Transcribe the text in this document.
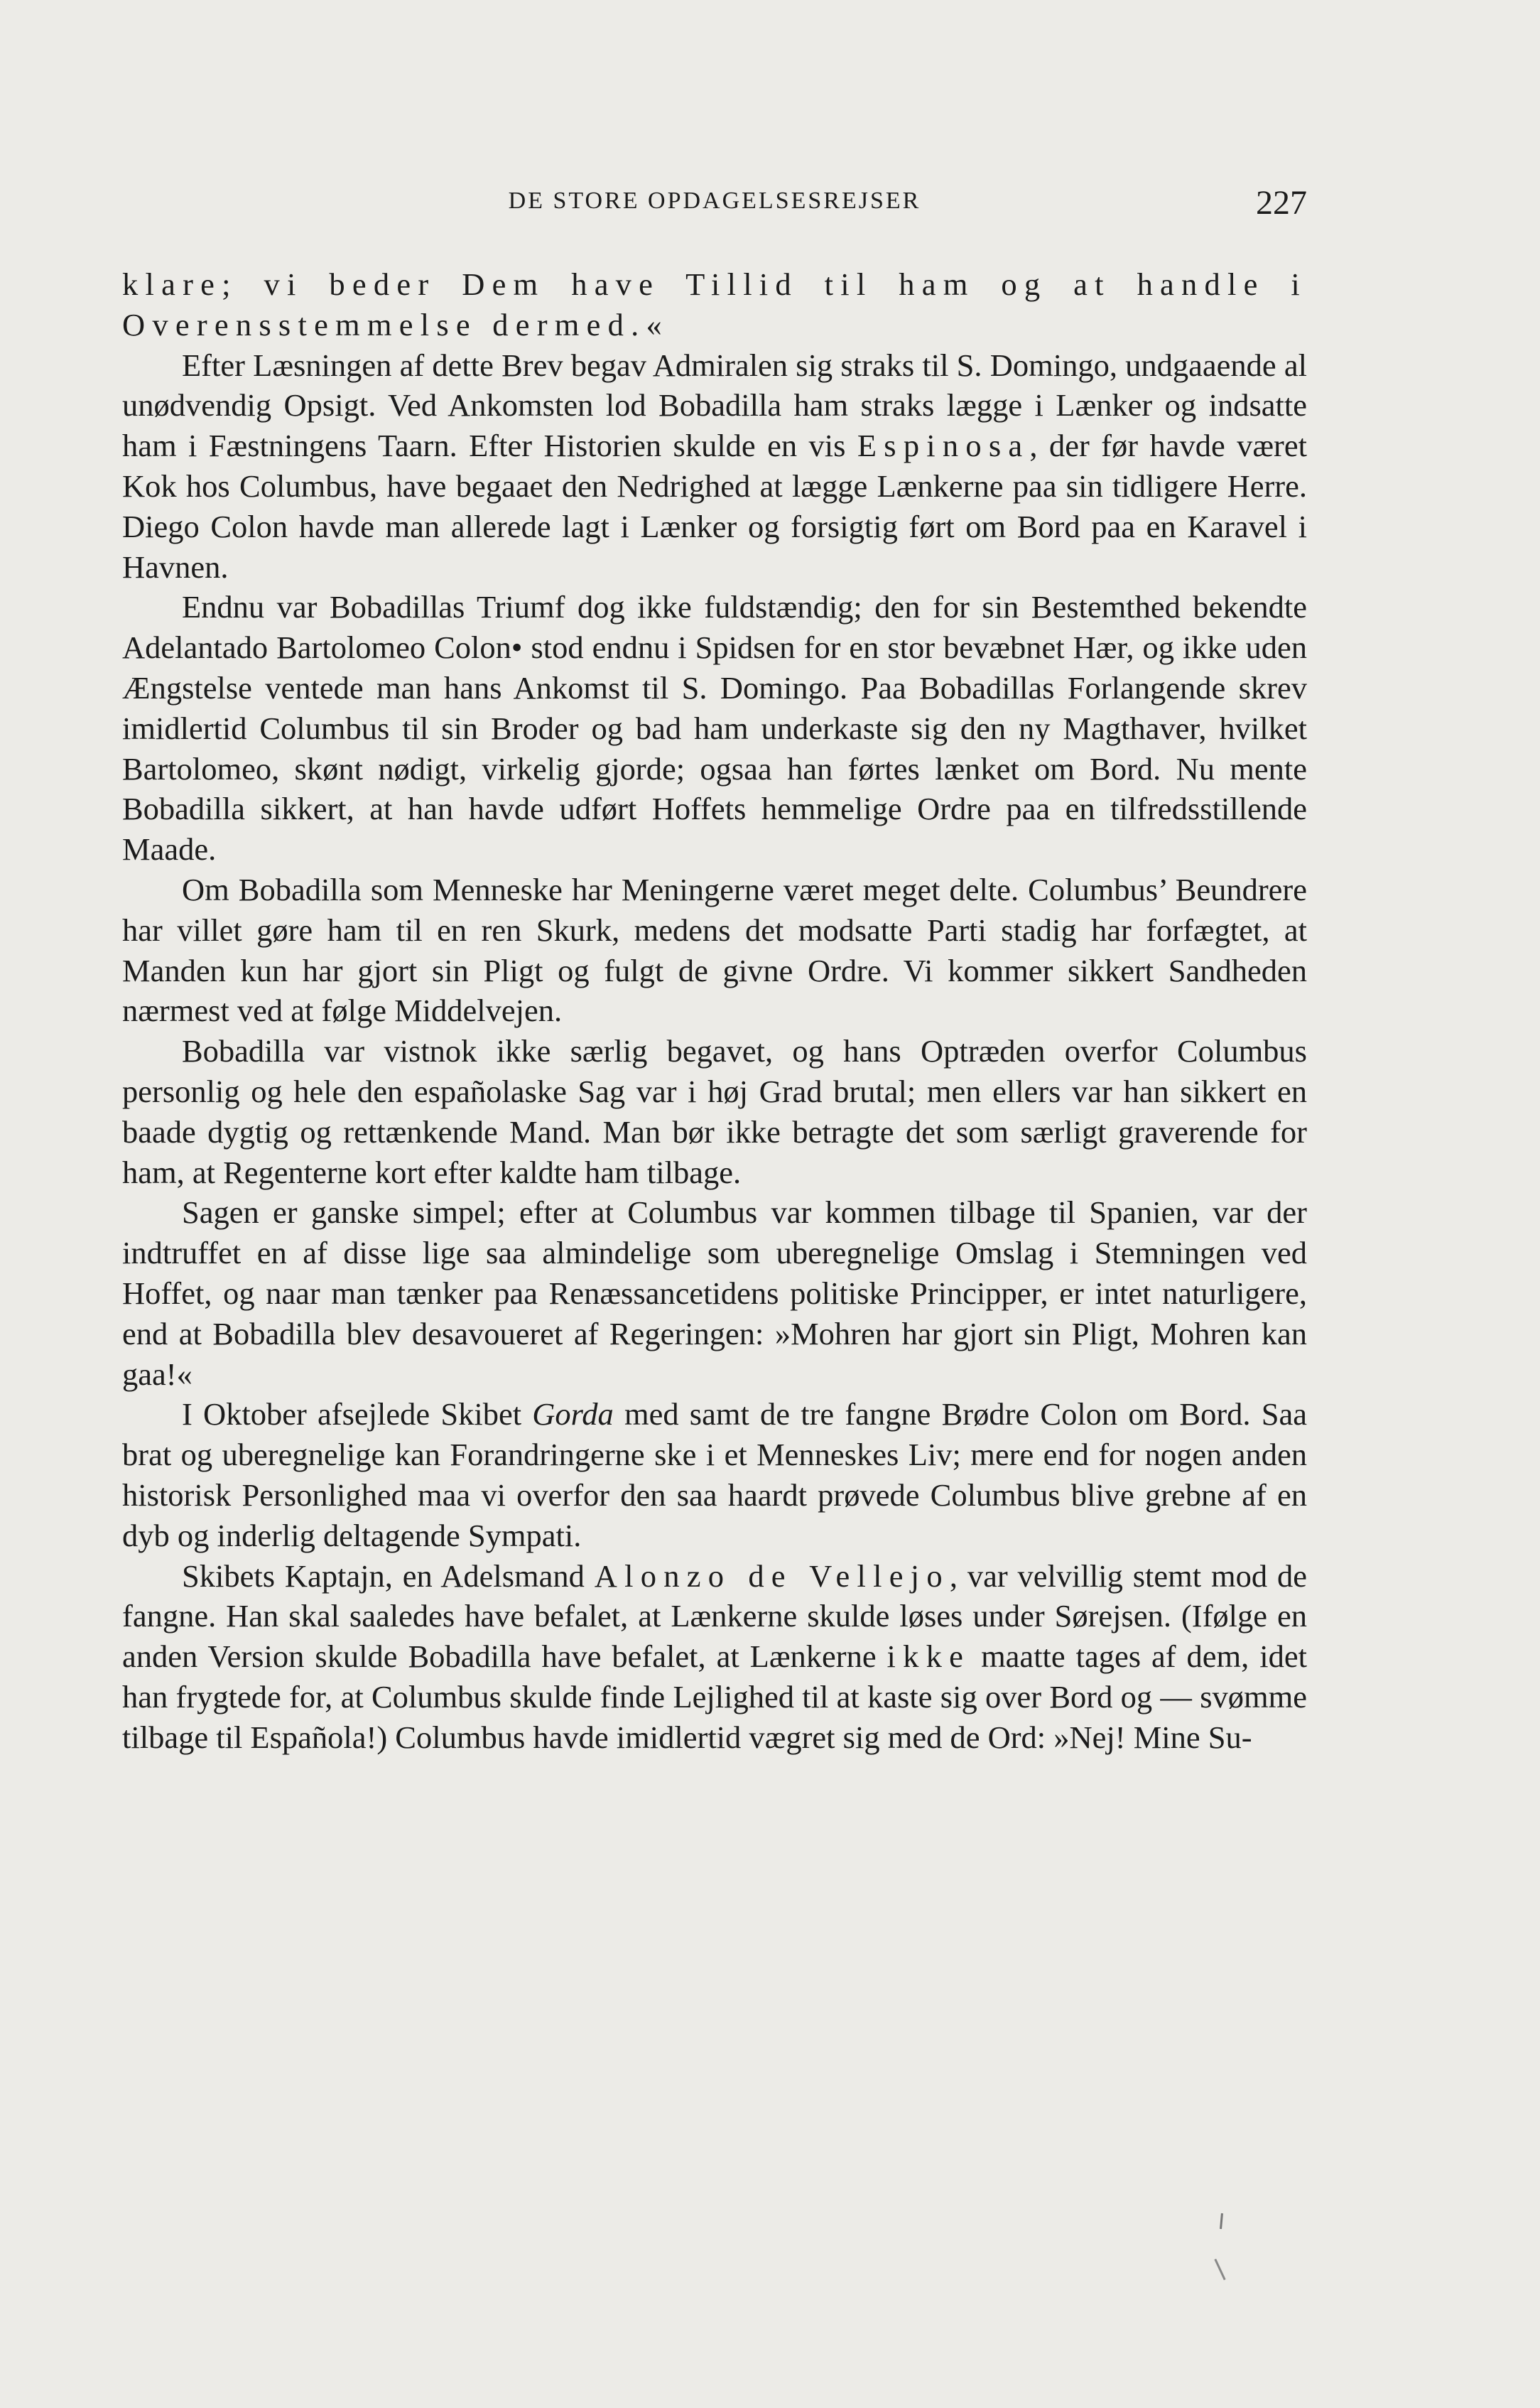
DE STORE OPDAGELSESREJSER	227

klare; vi beder Dem have Tillid til ham og at handle i Overensstemmelse dermed.«

Efter Læsningen af dette Brev begav Admiralen sig straks til S. Domingo, undgaaende al unødvendig Opsigt. Ved Ankomsten lod Bobadilla ham straks lægge i Lænker og indsatte ham i Fæstningens Taarn. Efter Historien skulde en vis Espinosa, der før havde været Kok hos Columbus, have begaaet den Nedrighed at lægge Lænkerne paa sin tidligere Herre. Diego Colon havde man allerede lagt i Lænker og forsigtig ført om Bord paa en Karavel i Havnen.

Endnu var Bobadillas Triumf dog ikke fuldstændig; den for sin Bestemthed bekendte Adelantado Bartolomeo Colon• stod endnu i Spidsen for en stor bevæbnet Hær, og ikke uden Ængstelse ventede man hans Ankomst til S. Domingo. Paa Bobadillas Forlangende skrev imidlertid Columbus til sin Broder og bad ham underkaste sig den ny Magthaver, hvilket Bartolomeo, skønt nødigt, virkelig gjorde; ogsaa han førtes lænket om Bord. Nu mente Bobadilla sikkert, at han havde udført Hoffets hemmelige Ordre paa en tilfredsstillende Maade.

Om Bobadilla som Menneske har Meningerne været meget delte. Columbus’ Beundrere har villet gøre ham til en ren Skurk, medens det modsatte Parti stadig har forfægtet, at Manden kun har gjort sin Pligt og fulgt de givne Ordre. Vi kommer sikkert Sandheden nærmest ved at følge Middelvejen.

Bobadilla var vistnok ikke særlig begavet, og hans Optræden overfor Columbus personlig og hele den españolaske Sag var i høj Grad brutal; men ellers var han sikkert en baade dygtig og rettænkende Mand. Man bør ikke betragte det som særligt graverende for ham, at Regenterne kort efter kaldte ham tilbage.

Sagen er ganske simpel; efter at Columbus var kommen tilbage til Spanien, var der indtruffet en af disse lige saa almindelige som uberegnelige Omslag i Stemningen ved Hoffet, og naar man tænker paa Renæssancetidens politiske Principper, er intet naturligere, end at Bobadilla blev desavoueret af Regeringen: »Mohren har gjort sin Pligt, Mohren kan gaa!«

I Oktober afsejlede Skibet Gorda med samt de tre fangne Brødre Colon om Bord. Saa brat og uberegnelige kan Forandringerne ske i et Menneskes Liv; mere end for nogen anden historisk Personlighed maa vi overfor den saa haardt prøvede Columbus blive grebne af en dyb og inderlig deltagende Sympati.

Skibets Kaptajn, en Adelsmand Alonzo de Vellejo, var velvillig stemt mod de fangne. Han skal saaledes have befalet, at Lænkerne skulde løses under Sørejsen. (Ifølge en anden Version skulde Bobadilla have befalet, at Lænkerne ikke maatte tages af dem, idet han frygtede for, at Columbus skulde finde Lejlighed til at kaste sig over Bord og — svømme tilbage til Española!) Columbus havde imidlertid vægret sig med de Ord: »Nej! Mine Su-
